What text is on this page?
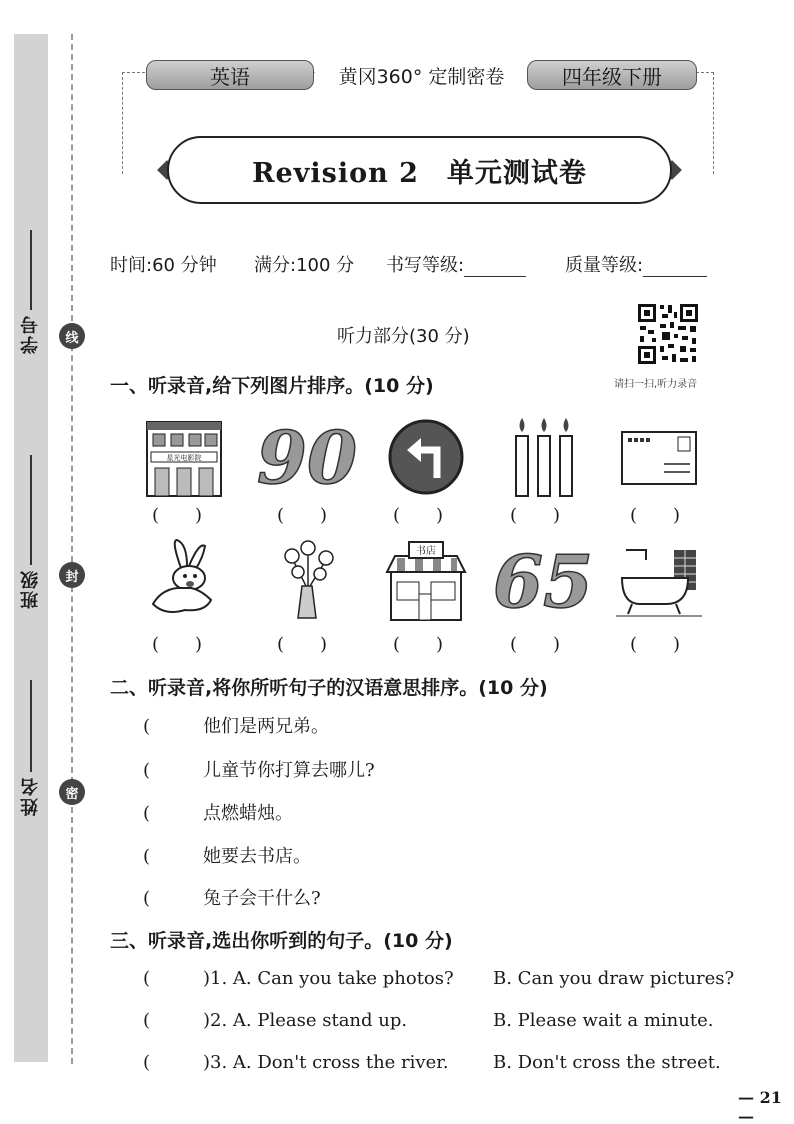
学号
班级
姓名
线
封
密
黄冈360° 定制密卷
英语	四年级下册
Revision 2　单元测试卷
时间:60 分钟 满分:100 分 书写等级:	质量等级:
听力部分(30 分)
请扫一扫,听力录音
一、听录音,给下列图片排序。(10 分)
星光电影院 90
(　　)	(　　)	(　　)	(　　)	(　　)
书店 65
(　　)	(　　)	(　　)	(　　)	(　　)
二、听录音,将你所听句子的汉语意思排序。(10 分)
(	他们是两兄弟。
(	儿童节你打算去哪儿?
(	点燃蜡烛。
(	她要去书店。
(	兔子会干什么?
三、听录音,选出你听到的句子。(10 分)
(	)1. A. Can you take photos? B. Can you draw pictures?
(	)2. A. Please stand up.	B. Please wait a minute.
(	)3. A. Don't cross the river. B. Don't cross the street.
— 21 —
